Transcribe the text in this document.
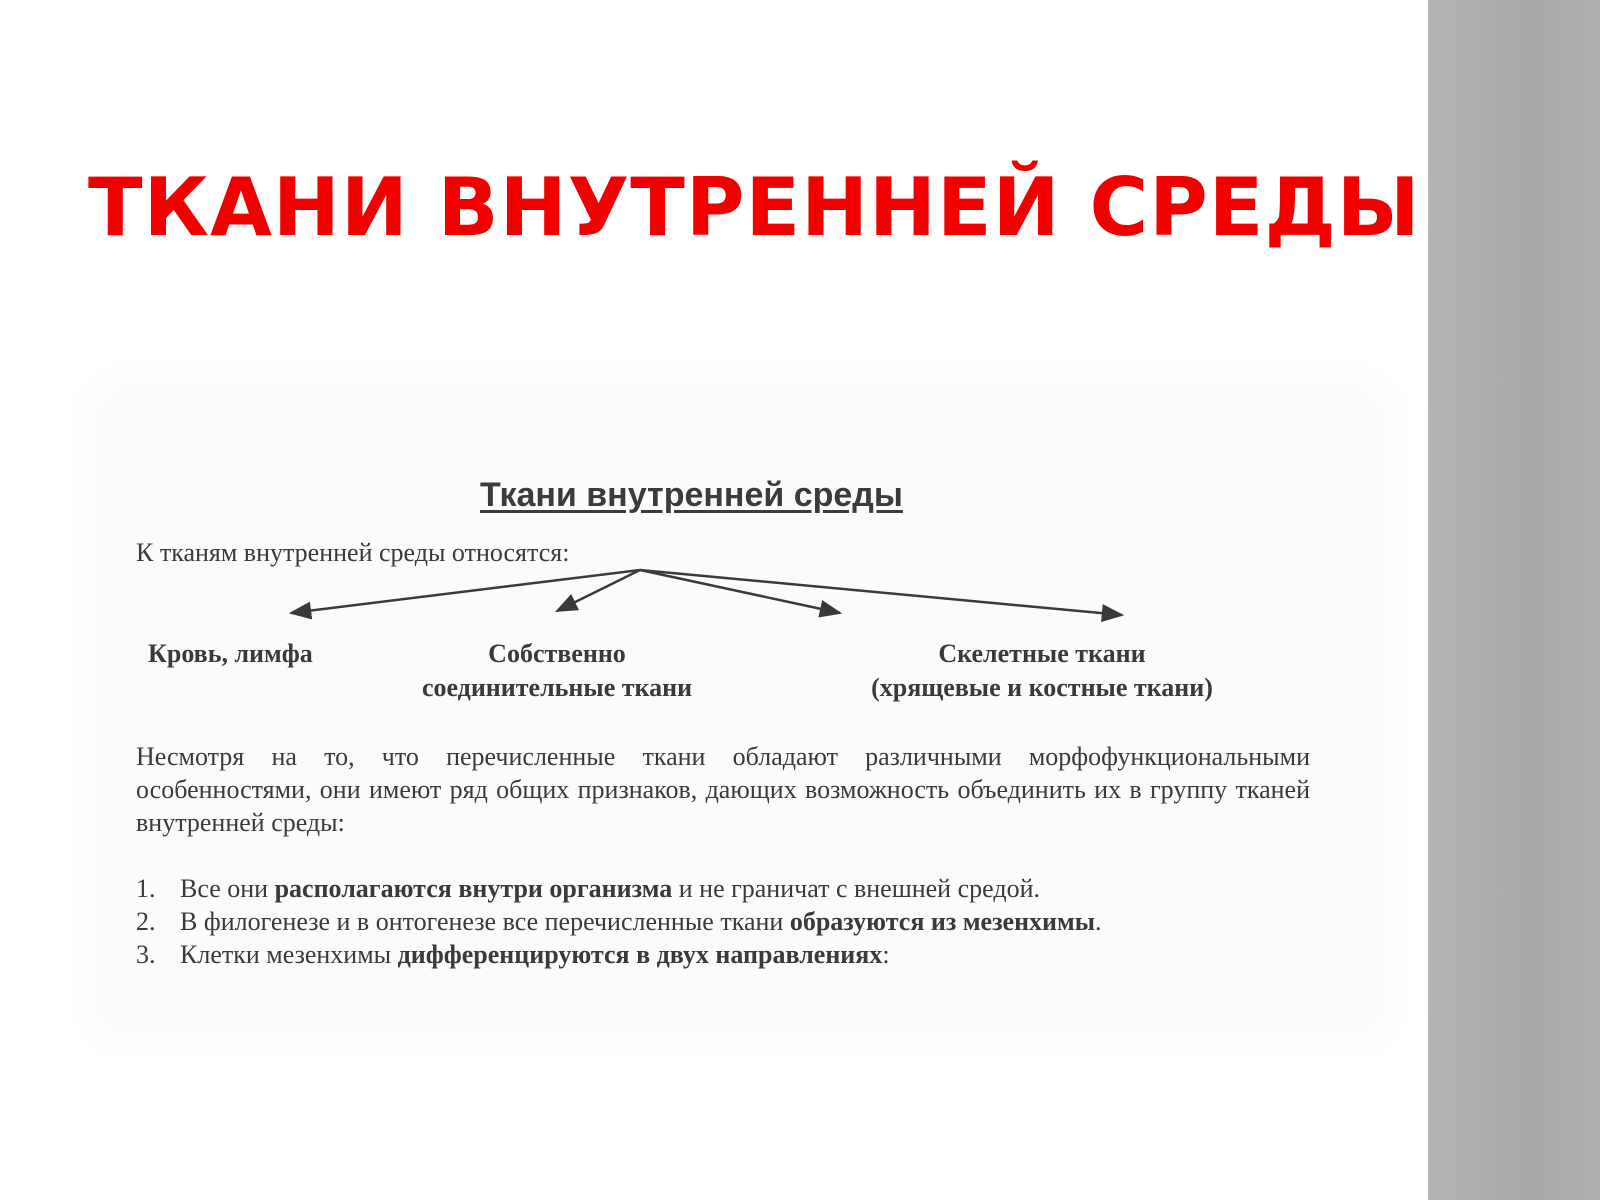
ТКАНИ ВНУТРЕННЕЙ СРЕДЫ
Ткани внутренней среды
К тканям внутренней среды относятся:
Кровь, лимфа	Собственно
соединительные ткани
Скелетные ткани
(хрящевые и костные ткани)

Несмотря на то, что перечисленные ткани обладают различными морфофункциональными особенностями, они имеют ряд общих признаков, дающих возможность объединить их в группу тканей внутренней среды:

1. Все они располагаются внутри организма и не граничат с внешней средой.
2. В филогенезе и в онтогенезе все перечисленные ткани образуются из мезенхимы.
3. Клетки мезенхимы дифференцируются в двух направлениях:
